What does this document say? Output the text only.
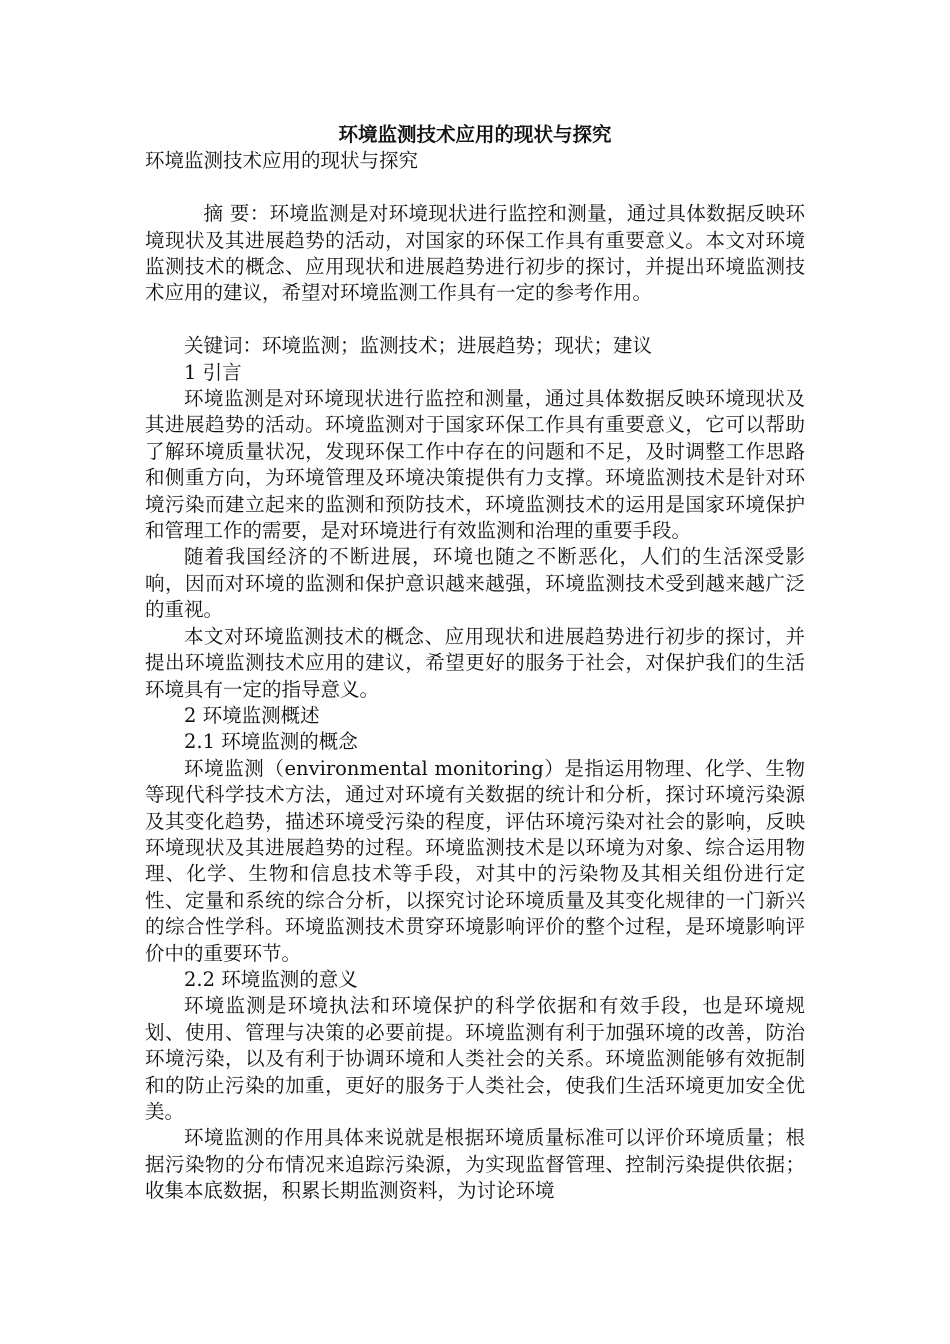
环境监测技术应用的现状与探究

环境监测技术应用的现状与探究

摘 要：环境监测是对环境现状进行监控和测量，通过具体数据反映环境现状及其进展趋势的活动，对国家的环保工作具有重要意义。本文对环境监测技术的概念、应用现状和进展趋势进行初步的探讨，并提出环境监测技术应用的建议，希望对环境监测工作具有一定的参考作用。

关键词：环境监测；监测技术；进展趋势；现状；建议

1 引言

环境监测是对环境现状进行监控和测量，通过具体数据反映环境现状及其进展趋势的活动。环境监测对于国家环保工作具有重要意义，它可以帮助了解环境质量状况，发现环保工作中存在的问题和不足，及时调整工作思路和侧重方向，为环境管理及环境决策提供有力支撑。环境监测技术是针对环境污染而建立起来的监测和预防技术，环境监测技术的运用是国家环境保护和管理工作的需要，是对环境进行有效监测和治理的重要手段。

随着我国经济的不断进展，环境也随之不断恶化，人们的生活深受影响，因而对环境的监测和保护意识越来越强，环境监测技术受到越来越广泛的重视。

本文对环境监测技术的概念、应用现状和进展趋势进行初步的探讨，并提出环境监测技术应用的建议，希望更好的服务于社会，对保护我们的生活环境具有一定的指导意义。

2 环境监测概述

2.1 环境监测的概念

环境监测（environmental monitoring）是指运用物理、化学、生物等现代科学技术方法，通过对环境有关数据的统计和分析，探讨环境污染源及其变化趋势，描述环境受污染的程度，评估环境污染对社会的影响，反映环境现状及其进展趋势的过程。环境监测技术是以环境为对象、综合运用物理、化学、生物和信息技术等手段，对其中的污染物及其相关组份进行定性、定量和系统的综合分析，以探究讨论环境质量及其变化规律的一门新兴的综合性学科。环境监测技术贯穿环境影响评价的整个过程，是环境影响评价中的重要环节。

2.2 环境监测的意义

环境监测是环境执法和环境保护的科学依据和有效手段，也是环境规划、使用、管理与决策的必要前提。环境监测有利于加强环境的改善，防治环境污染，以及有利于协调环境和人类社会的关系。环境监测能够有效扼制和的防止污染的加重，更好的服务于人类社会，使我们生活环境更加安全优美。

环境监测的作用具体来说就是根据环境质量标准可以评价环境质量；根据污染物的分布情况来追踪污染源，为实现监督管理、控制污染提供依据；收集本底数据，积累长期监测资料，为讨论环境
